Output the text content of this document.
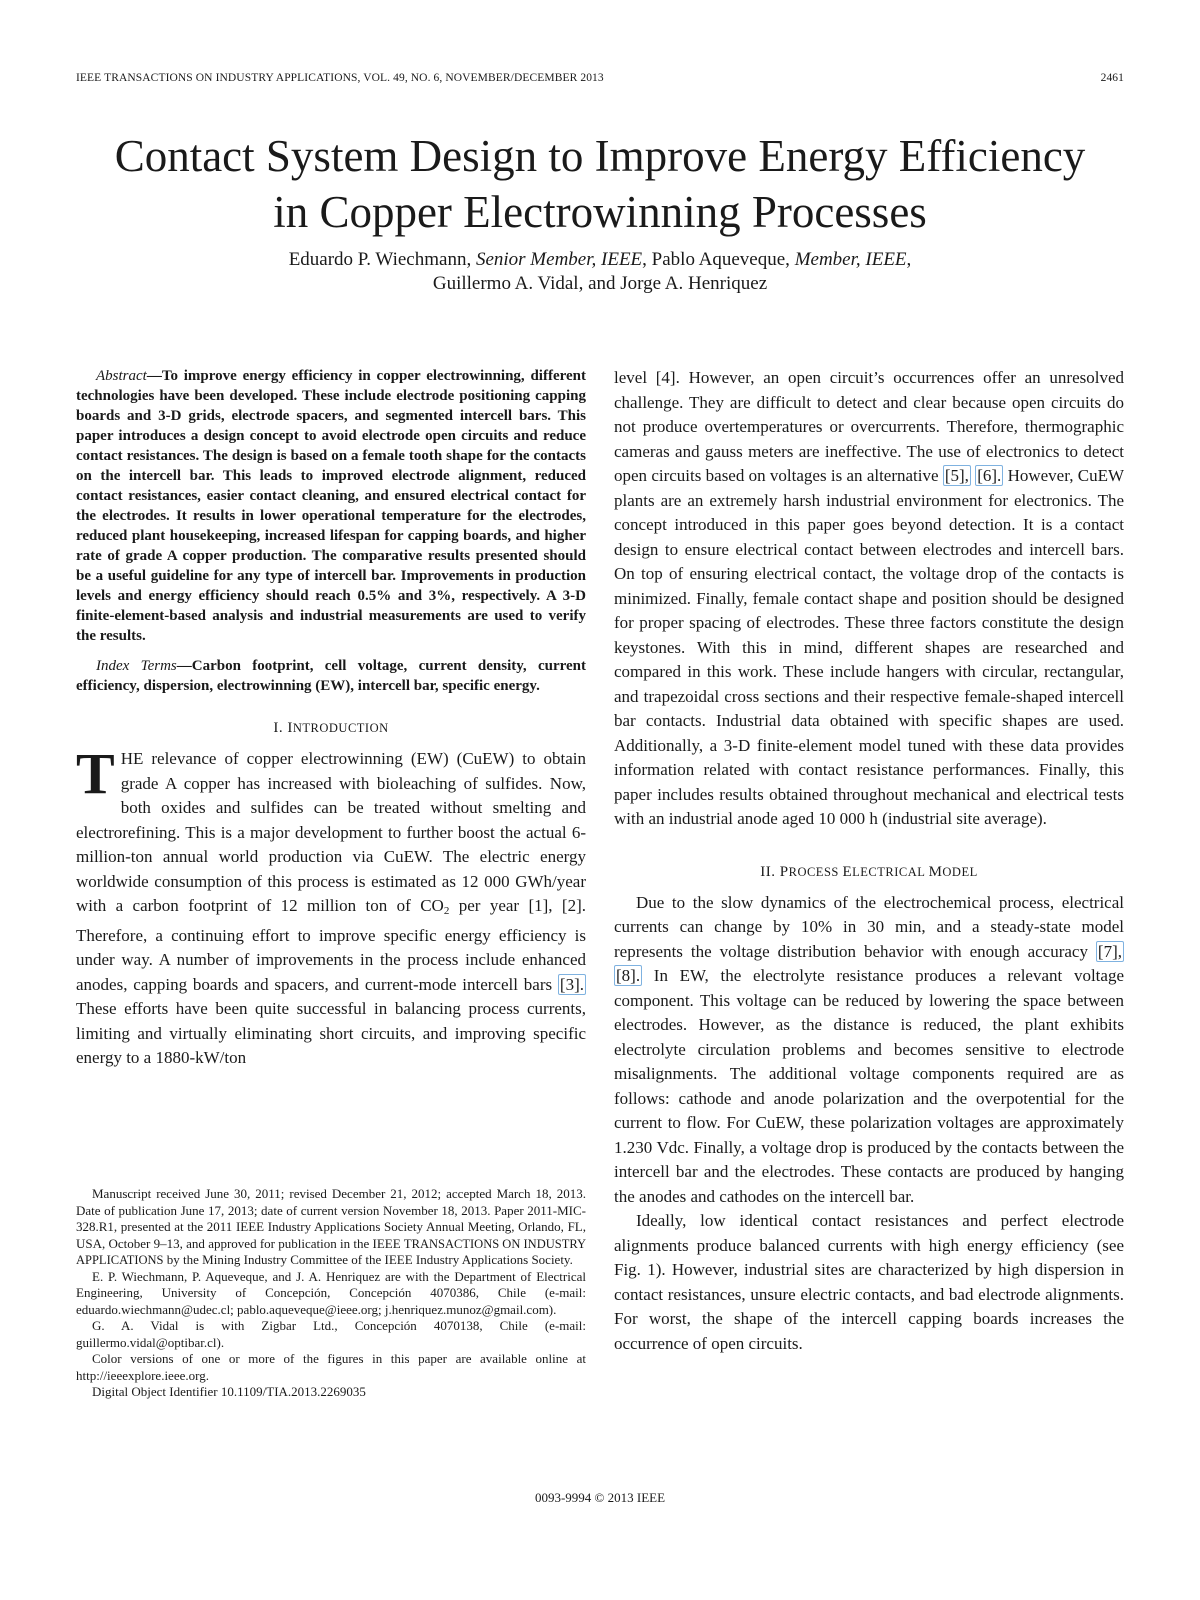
IEEE TRANSACTIONS ON INDUSTRY APPLICATIONS, VOL. 49, NO. 6, NOVEMBER/DECEMBER 2013	2461
Contact System Design to Improve Energy Efficiency
in Copper Electrowinning Processes
Eduardo P. Wiechmann, Senior Member, IEEE, Pablo Aqueveque, Member, IEEE,
Guillermo A. Vidal, and Jorge A. Henriquez

Abstract—To improve energy efficiency in copper electrowinning, different technologies have been developed. These include electrode positioning capping boards and 3-D grids, electrode spacers, and segmented intercell bars. This paper introduces a design concept to avoid electrode open circuits and reduce contact resistances. The design is based on a female tooth shape for the contacts on the intercell bar. This leads to improved electrode alignment, reduced contact resistances, easier contact cleaning, and ensured electrical contact for the electrodes. It results in lower operational temperature for the electrodes, reduced plant housekeeping, increased lifespan for capping boards, and higher rate of grade A copper production. The comparative results presented should be a useful guideline for any type of intercell bar. Improvements in production levels and energy efficiency should reach 0.5% and 3%, respectively. A 3-D finite-element-based analysis and industrial measurements are used to verify the results.

Index Terms—Carbon footprint, cell voltage, current density, current efficiency, dispersion, electrowinning (EW), intercell bar, specific energy.

I. INTRODUCTION

THE relevance of copper electrowinning (EW) (CuEW) to obtain grade A copper has increased with bioleaching of sulfides. Now, both oxides and sulfides can be treated without smelting and electrorefining. This is a major development to further boost the actual 6-million-ton annual world production via CuEW. The electric energy worldwide consumption of this process is estimated as 12 000 GWh/year with a carbon footprint of 12 million ton of $CO_2$ per year [1], [2]. Therefore, a continuing effort to improve specific energy efficiency is under way. A number of improvements in the process include enhanced anodes, capping boards and spacers, and current-mode intercell bars [3]. These efforts have been quite successful in balancing process currents, limiting and virtually eliminating short circuits, and improving specific energy to a 1880-kW/ton

Manuscript received June 30, 2011; revised December 21, 2012; accepted March 18, 2013. Date of publication June 17, 2013; date of current version November 18, 2013. Paper 2011-MIC-328.R1, presented at the 2011 IEEE Industry Applications Society Annual Meeting, Orlando, FL, USA, October 9–13, and approved for publication in the IEEE TRANSACTIONS ON INDUSTRY APPLICATIONS by the Mining Industry Committee of the IEEE Industry Applications Society.

E. P. Wiechmann, P. Aqueveque, and J. A. Henriquez are with the Department of Electrical Engineering, University of Concepción, Concepción 4070386, Chile (e-mail: eduardo.wiechmann@udec.cl; pablo.aqueveque@ieee.org; j.henriquez.munoz@gmail.com).

G. A. Vidal is with Zigbar Ltd., Concepción 4070138, Chile (e-mail: guillermo.vidal@optibar.cl).

Color versions of one or more of the figures in this paper are available online at http://ieeexplore.ieee.org.

Digital Object Identifier 10.1109/TIA.2013.2269035

level [4]. However, an open circuit’s occurrences offer an unresolved challenge. They are difficult to detect and clear because open circuits do not produce overtemperatures or overcurrents. Therefore, thermographic cameras and gauss meters are ineffective. The use of electronics to detect open circuits based on voltages is an alternative [5], [6]. However, CuEW plants are an extremely harsh industrial environment for electronics. The concept introduced in this paper goes beyond detection. It is a contact design to ensure electrical contact between electrodes and intercell bars. On top of ensuring electrical contact, the voltage drop of the contacts is minimized. Finally, female contact shape and position should be designed for proper spacing of electrodes. These three factors constitute the design keystones. With this in mind, different shapes are researched and compared in this work. These include hangers with circular, rectangular, and trapezoidal cross sections and their respective female-shaped intercell bar contacts. Industrial data obtained with specific shapes are used. Additionally, a 3-D finite-element model tuned with these data provides information related with contact resistance performances. Finally, this paper includes results obtained throughout mechanical and electrical tests with an industrial anode aged 10 000 h (industrial site average).

II. PROCESS ELECTRICAL MODEL

Due to the slow dynamics of the electrochemical process, electrical currents can change by 10% in 30 min, and a steady-state model represents the voltage distribution behavior with enough accuracy [7], [8]. In EW, the electrolyte resistance produces a relevant voltage component. This voltage can be reduced by lowering the space between electrodes. However, as the distance is reduced, the plant exhibits electrolyte circulation problems and becomes sensitive to electrode misalignments. The additional voltage components required are as follows: cathode and anode polarization and the overpotential for the current to flow. For CuEW, these polarization voltages are approximately 1.230 Vdc. Finally, a voltage drop is produced by the contacts between the intercell bar and the electrodes. These contacts are produced by hanging the anodes and cathodes on the intercell bar.

Ideally, low identical contact resistances and perfect electrode alignments produce balanced currents with high energy efficiency (see Fig. 1). However, industrial sites are characterized by high dispersion in contact resistances, unsure electric contacts, and bad electrode alignments. For worst, the shape of the intercell capping boards increases the occurrence of open circuits.

0093-9994 © 2013 IEEE
